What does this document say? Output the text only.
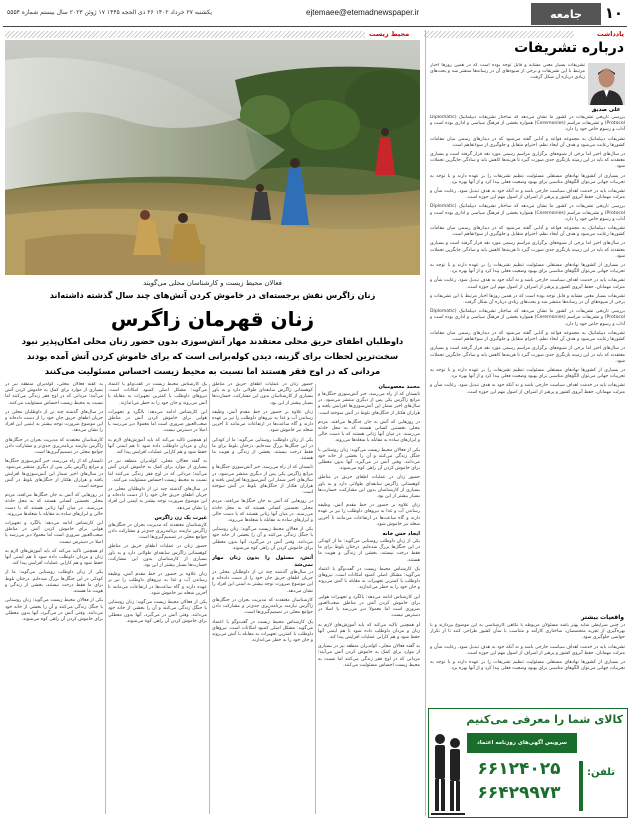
۱۰
جامعه
ejtemaee@etemadnewspaper.ir
یکشنبه ۲۷ خرداد ۱۴۰۲ ۲۶ ذی الحجه ۱۴۴۵ ۱۷ ژوئن ۲۰۲۳ سال بیستم شماره ۵۵۵۴
یادداشت
درباره تشریفات
علی صدیق

تشریفات بسیار معنی مشابه و قابل توجه بوده است که در همین روزها اخبار مرتبط با این تشریفات و برخی از شیوه‌های آن در رسانه‌ها منتشر شد و بحث‌های زیادی درباره آن شکل گرفت.

بررسی تاریخی تشریفات در کشور ما نشان می‌دهد که ساختار تشریفات دیپلماتیک (Diplomatic Protocol) و تشریفات مراسم (Ceremonies) همواره بخشی از فرهنگ سیاسی و اداری بوده است و آداب و رسوم خاص خود را دارد.

تشریفات دیپلماتیک به مجموعه قواعد و آدابی گفته می‌شود که در دیدارهای رسمی میان مقامات کشورها رعایت می‌شود و هدف آن ایجاد نظم، احترام متقابل و جلوگیری از سوءتفاهم است.

در سال‌های اخیر اما برخی از شیوه‌های برگزاری مراسم رسمی مورد نقد قرار گرفته است و بسیاری معتقدند که باید در این زمینه بازنگری جدی صورت گیرد تا هزینه‌ها کاهش یابد و سادگی جایگزین تجملات شود.

در بسیاری از کشورها نهادهای مستقلی مسئولیت تنظیم تشریفات را بر عهده دارند و با توجه به تجربیات جهانی می‌توان الگوهای مناسبی برای بهبود وضعیت فعلی پیدا کرد و از آنها بهره برد.

تشریفات باید در خدمت اهداف سیاست خارجی باشد و نه آنکه خود به هدف تبدیل شود. رعایت شأن و منزلت مهمانان، حفظ آبروی کشور و پرهیز از اسراف از اصول مهم این حوزه است.

بررسی تاریخی تشریفات در کشور ما نشان می‌دهد که ساختار تشریفات دیپلماتیک (Diplomatic Protocol) و تشریفات مراسم (Ceremonies) همواره بخشی از فرهنگ سیاسی و اداری بوده است و آداب و رسوم خاص خود را دارد.

تشریفات دیپلماتیک به مجموعه قواعد و آدابی گفته می‌شود که در دیدارهای رسمی میان مقامات کشورها رعایت می‌شود و هدف آن ایجاد نظم، احترام متقابل و جلوگیری از سوءتفاهم است.

در سال‌های اخیر اما برخی از شیوه‌های برگزاری مراسم رسمی مورد نقد قرار گرفته است و بسیاری معتقدند که باید در این زمینه بازنگری جدی صورت گیرد تا هزینه‌ها کاهش یابد و سادگی جایگزین تجملات شود.

در بسیاری از کشورها نهادهای مستقلی مسئولیت تنظیم تشریفات را بر عهده دارند و با توجه به تجربیات جهانی می‌توان الگوهای مناسبی برای بهبود وضعیت فعلی پیدا کرد و از آنها بهره برد.

تشریفات باید در خدمت اهداف سیاست خارجی باشد و نه آنکه خود به هدف تبدیل شود. رعایت شأن و منزلت مهمانان، حفظ آبروی کشور و پرهیز از اسراف از اصول مهم این حوزه است.

تشریفات بسیار معنی مشابه و قابل توجه بوده است که در همین روزها اخبار مرتبط با این تشریفات و برخی از شیوه‌های آن در رسانه‌ها منتشر شد و بحث‌های زیادی درباره آن شکل گرفت.

بررسی تاریخی تشریفات در کشور ما نشان می‌دهد که ساختار تشریفات دیپلماتیک (Diplomatic Protocol) و تشریفات مراسم (Ceremonies) همواره بخشی از فرهنگ سیاسی و اداری بوده است و آداب و رسوم خاص خود را دارد.

تشریفات دیپلماتیک به مجموعه قواعد و آدابی گفته می‌شود که در دیدارهای رسمی میان مقامات کشورها رعایت می‌شود و هدف آن ایجاد نظم، احترام متقابل و جلوگیری از سوءتفاهم است.

در سال‌های اخیر اما برخی از شیوه‌های برگزاری مراسم رسمی مورد نقد قرار گرفته است و بسیاری معتقدند که باید در این زمینه بازنگری جدی صورت گیرد تا هزینه‌ها کاهش یابد و سادگی جایگزین تجملات شود.

در بسیاری از کشورها نهادهای مستقلی مسئولیت تنظیم تشریفات را بر عهده دارند و با توجه به تجربیات جهانی می‌توان الگوهای مناسبی برای بهبود وضعیت فعلی پیدا کرد و از آنها بهره برد.

تشریفات باید در خدمت اهداف سیاست خارجی باشد و نه آنکه خود به هدف تبدیل شود. رعایت شأن و منزلت مهمانان، حفظ آبروی کشور و پرهیز از اسراف از اصول مهم این حوزه است.

واقعیات بیشتر

در چنین شرایطی شاید بهتر باشد مسئولان مربوطه با نگاهی کارشناسی به این موضوع بپردازند و با بهره‌گیری از تجربه متخصصان، ساختاری کارآمد و متناسب با شأن کشور طراحی کنند تا از تکرار حواشی جلوگیری شود.

تشریفات باید در خدمت اهداف سیاست خارجی باشد و نه آنکه خود به هدف تبدیل شود. رعایت شأن و منزلت مهمانان، حفظ آبروی کشور و پرهیز از اسراف از اصول مهم این حوزه است.

در بسیاری از کشورها نهادهای مستقلی مسئولیت تنظیم تشریفات را بر عهده دارند و با توجه به تجربیات جهانی می‌توان الگوهای مناسبی برای بهبود وضعیت فعلی پیدا کرد و از آنها بهره برد.

کالای شما را معرفی می‌کنیم
سرویس آگهی‌های روزنامه اعتماد
تلفن:
۶۶۱۲۴۰۲۵
۶۶۴۲۹۹۷۳
محیط زیست
فعالان محیط زیست و کارشناسان محلی می‌گویند
زنان زاگرس نقش برجسته‌ای در خاموش کردن آتش‌های چند سال گذشته داشته‌اند
زنان قهرمان زاگرس
داوطلبان اطفای حریق محلی معتقدند مهار آتش‌سوزی بدون حضور زنان محلی امکان‌پذیر نبود
سخت‌ترین لحظات برای گزینه، دیدن کوله‌برانی است که برای خاموش کردن آتش آمده بودند
مردانی که در اوج فقر هستند اما نسبت به محیط زیست احساس مسئولیت می‌کنند
محمد معصومیان

تابستان که از راه می‌رسد، خبر آتش‌سوزی جنگل‌ها و مراتع زاگرس یکی پس از دیگری منتشر می‌شود. در سال‌های اخیر شمار این آتش‌سوزی‌ها افزایش یافته و هزاران هکتار از جنگل‌های بلوط در آتش سوخته است.

در روزهایی که آتش به جان جنگل‌ها می‌افتد، مردم محلی نخستین کسانی هستند که به محل حادثه می‌رسند. در میان آنها زنانی هستند که با دست خالی و ابزارهای ساده به مقابله با شعله‌ها می‌روند.

یکی از فعالان محیط زیست می‌گوید: زنان روستایی با جنگل زندگی می‌کنند و آن را بخشی از خانه خود می‌دانند. وقتی آتش در می‌گیرد، آنها بدون معطلی برای خاموش کردن آن راهی کوه می‌شوند.

حضور زنان در عملیات اطفای حریق در مناطق کوهستانی زاگرس سابقه‌ای طولانی دارد و به باور بسیاری از کارشناسان بدون این مشارکت، خسارت‌ها بسیار بیشتر از این بود.

زنان علاوه بر حضور در خط مقدم آتش، وظیفه رساندن آب و غذا به نیروهای داوطلب را نیز بر عهده دارند و گاه ساعت‌ها در ارتفاعات می‌مانند تا آخرین شعله نیز خاموش شود.

ایجاد حس خانه

یکی از زنان داوطلب روستایی می‌گوید: ما از کودکی در این جنگل‌ها بزرگ شده‌ایم. درختان بلوط برای ما فقط درخت نیستند، بخشی از زندگی و هویت ما هستند.

یک کارشناس محیط زیست در گفت‌وگو با اعتماد می‌گوید: مشکل اصلی کمبود امکانات است. نیروهای داوطلب با کمترین تجهیزات به مقابله با آتش می‌روند و جان خود را به خطر می‌اندازند.

این کارشناس ادامه می‌دهد: بالگرد و تجهیزات هوایی برای خاموش کردن آتش در مناطق صعب‌العبور ضروری است اما معمولا دیر می‌رسد یا اصلا در دسترس نیست.

او همچنین تاکید می‌کند که باید آموزش‌های لازم به زنان و مردان داوطلب داده شود تا هم ایمنی آنها حفظ شود و هم کارایی عملیات افزایش پیدا کند.

به گفته فعالان محلی، کوله‌بران منطقه نیز در بسیاری از موارد برای کمک به خاموش کردن آتش می‌آیند؛ مردانی که در اوج فقر زندگی می‌کنند اما نسبت به محیط زیست احساس مسئولیت می‌کنند.

حضور زنان در عملیات اطفای حریق در مناطق کوهستانی زاگرس سابقه‌ای طولانی دارد و به باور بسیاری از کارشناسان بدون این مشارکت، خسارت‌ها بسیار بیشتر از این بود.

زنان علاوه بر حضور در خط مقدم آتش، وظیفه رساندن آب و غذا به نیروهای داوطلب را نیز بر عهده دارند و گاه ساعت‌ها در ارتفاعات می‌مانند تا آخرین شعله نیز خاموش شود.

یکی از زنان داوطلب روستایی می‌گوید: ما از کودکی در این جنگل‌ها بزرگ شده‌ایم. درختان بلوط برای ما فقط درخت نیستند، بخشی از زندگی و هویت ما هستند.

تابستان که از راه می‌رسد، خبر آتش‌سوزی جنگل‌ها و مراتع زاگرس یکی پس از دیگری منتشر می‌شود. در سال‌های اخیر شمار این آتش‌سوزی‌ها افزایش یافته و هزاران هکتار از جنگل‌های بلوط در آتش سوخته است.

در روزهایی که آتش به جان جنگل‌ها می‌افتد، مردم محلی نخستین کسانی هستند که به محل حادثه می‌رسند. در میان آنها زنانی هستند که با دست خالی و ابزارهای ساده به مقابله با شعله‌ها می‌روند.

یکی از فعالان محیط زیست می‌گوید: زنان روستایی با جنگل زندگی می‌کنند و آن را بخشی از خانه خود می‌دانند. وقتی آتش در می‌گیرد، آنها بدون معطلی برای خاموش کردن آن راهی کوه می‌شوند.

آتش، مسئول را بدون زنان مهار نمی‌شد

در سال‌های گذشته چند تن از داوطلبان محلی در جریان اطفای حریق جان خود را از دست داده‌اند و این موضوع ضرورت توجه بیشتر به ایمنی این افراد را نشان می‌دهد.

کارشناسان معتقدند که مدیریت بحران در جنگل‌های زاگرس نیازمند برنامه‌ریزی جدی‌تر و مشارکت دادن جوامع محلی در تصمیم‌گیری‌ها است.

یک کارشناس محیط زیست در گفت‌وگو با اعتماد می‌گوید: مشکل اصلی کمبود امکانات است. نیروهای داوطلب با کمترین تجهیزات به مقابله با آتش می‌روند و جان خود را به خطر می‌اندازند.

یک کارشناس محیط زیست در گفت‌وگو با اعتماد می‌گوید: مشکل اصلی کمبود امکانات است. نیروهای داوطلب با کمترین تجهیزات به مقابله با آتش می‌روند و جان خود را به خطر می‌اندازند.

این کارشناس ادامه می‌دهد: بالگرد و تجهیزات هوایی برای خاموش کردن آتش در مناطق صعب‌العبور ضروری است اما معمولا دیر می‌رسد یا اصلا در دسترس نیست.

او همچنین تاکید می‌کند که باید آموزش‌های لازم به زنان و مردان داوطلب داده شود تا هم ایمنی آنها حفظ شود و هم کارایی عملیات افزایش پیدا کند.

به گفته فعالان محلی، کوله‌بران منطقه نیز در بسیاری از موارد برای کمک به خاموش کردن آتش می‌آیند؛ مردانی که در اوج فقر زندگی می‌کنند اما نسبت به محیط زیست احساس مسئولیت می‌کنند.

در سال‌های گذشته چند تن از داوطلبان محلی در جریان اطفای حریق جان خود را از دست داده‌اند و این موضوع ضرورت توجه بیشتر به ایمنی این افراد را نشان می‌دهد.

غیرت یک زن زاگرس

کارشناسان معتقدند که مدیریت بحران در جنگل‌های زاگرس نیازمند برنامه‌ریزی جدی‌تر و مشارکت دادن جوامع محلی در تصمیم‌گیری‌ها است.

حضور زنان در عملیات اطفای حریق در مناطق کوهستانی زاگرس سابقه‌ای طولانی دارد و به باور بسیاری از کارشناسان بدون این مشارکت، خسارت‌ها بسیار بیشتر از این بود.

زنان علاوه بر حضور در خط مقدم آتش، وظیفه رساندن آب و غذا به نیروهای داوطلب را نیز بر عهده دارند و گاه ساعت‌ها در ارتفاعات می‌مانند تا آخرین شعله نیز خاموش شود.

یکی از فعالان محیط زیست می‌گوید: زنان روستایی با جنگل زندگی می‌کنند و آن را بخشی از خانه خود می‌دانند. وقتی آتش در می‌گیرد، آنها بدون معطلی برای خاموش کردن آن راهی کوه می‌شوند.

به گفته فعالان محلی، کوله‌بران منطقه نیز در بسیاری از موارد برای کمک به خاموش کردن آتش می‌آیند؛ مردانی که در اوج فقر زندگی می‌کنند اما نسبت به محیط زیست احساس مسئولیت می‌کنند.

در سال‌های گذشته چند تن از داوطلبان محلی در جریان اطفای حریق جان خود را از دست داده‌اند و این موضوع ضرورت توجه بیشتر به ایمنی این افراد را نشان می‌دهد.

کارشناسان معتقدند که مدیریت بحران در جنگل‌های زاگرس نیازمند برنامه‌ریزی جدی‌تر و مشارکت دادن جوامع محلی در تصمیم‌گیری‌ها است.

تابستان که از راه می‌رسد، خبر آتش‌سوزی جنگل‌ها و مراتع زاگرس یکی پس از دیگری منتشر می‌شود. در سال‌های اخیر شمار این آتش‌سوزی‌ها افزایش یافته و هزاران هکتار از جنگل‌های بلوط در آتش سوخته است.

در روزهایی که آتش به جان جنگل‌ها می‌افتد، مردم محلی نخستین کسانی هستند که به محل حادثه می‌رسند. در میان آنها زنانی هستند که با دست خالی و ابزارهای ساده به مقابله با شعله‌ها می‌روند.

این کارشناس ادامه می‌دهد: بالگرد و تجهیزات هوایی برای خاموش کردن آتش در مناطق صعب‌العبور ضروری است اما معمولا دیر می‌رسد یا اصلا در دسترس نیست.

او همچنین تاکید می‌کند که باید آموزش‌های لازم به زنان و مردان داوطلب داده شود تا هم ایمنی آنها حفظ شود و هم کارایی عملیات افزایش پیدا کند.

یکی از زنان داوطلب روستایی می‌گوید: ما از کودکی در این جنگل‌ها بزرگ شده‌ایم. درختان بلوط برای ما فقط درخت نیستند، بخشی از زندگی و هویت ما هستند.

یکی از فعالان محیط زیست می‌گوید: زنان روستایی با جنگل زندگی می‌کنند و آن را بخشی از خانه خود می‌دانند. وقتی آتش در می‌گیرد، آنها بدون معطلی برای خاموش کردن آن راهی کوه می‌شوند.
